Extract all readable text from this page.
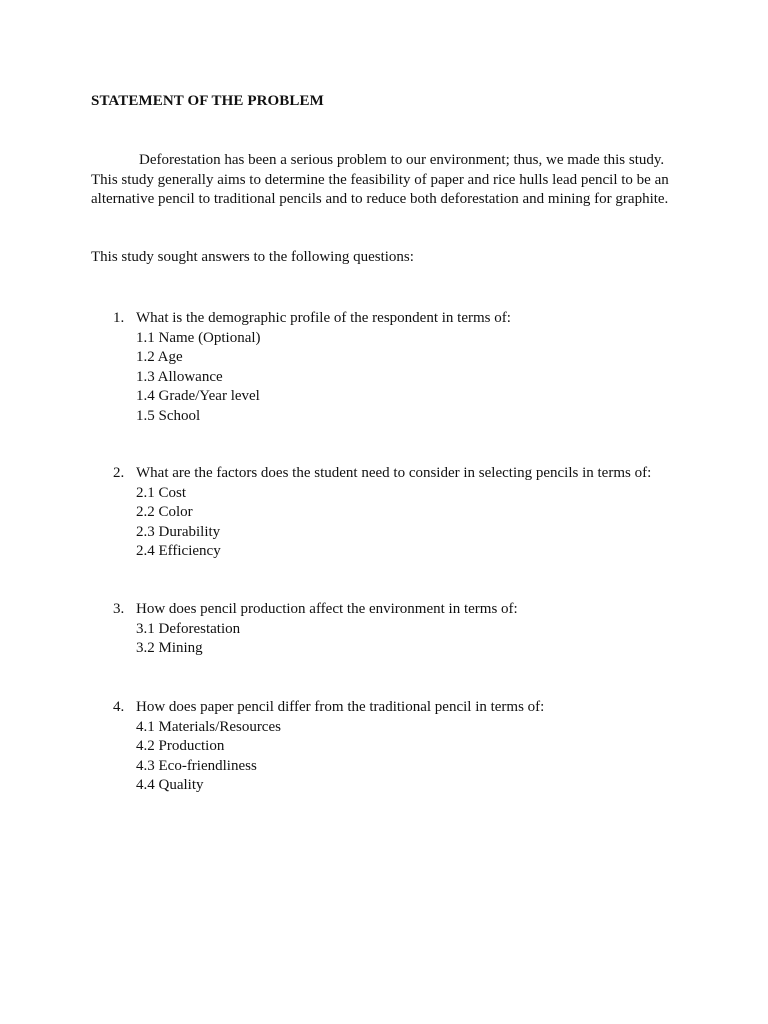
STATEMENT OF THE PROBLEM
Deforestation has been a serious problem to our environment; thus, we made this study.
This study generally aims to determine the feasibility of paper and rice hulls lead pencil to be an
alternative pencil to traditional pencils and to reduce both deforestation and mining for graphite.
This study sought answers to the following questions:
1. What is the demographic profile of the respondent in terms of:
1.1 Name (Optional)
1.2 Age
1.3 Allowance
1.4 Grade/Year level
1.5 School
2. What are the factors does the student need to consider in selecting pencils in terms of:
2.1 Cost
2.2 Color
2.3 Durability
2.4 Efficiency
3. How does pencil production affect the environment in terms of:
3.1 Deforestation
3.2 Mining
4. How does paper pencil differ from the traditional pencil in terms of:
4.1 Materials/Resources
4.2 Production
4.3 Eco-friendliness
4.4 Quality
